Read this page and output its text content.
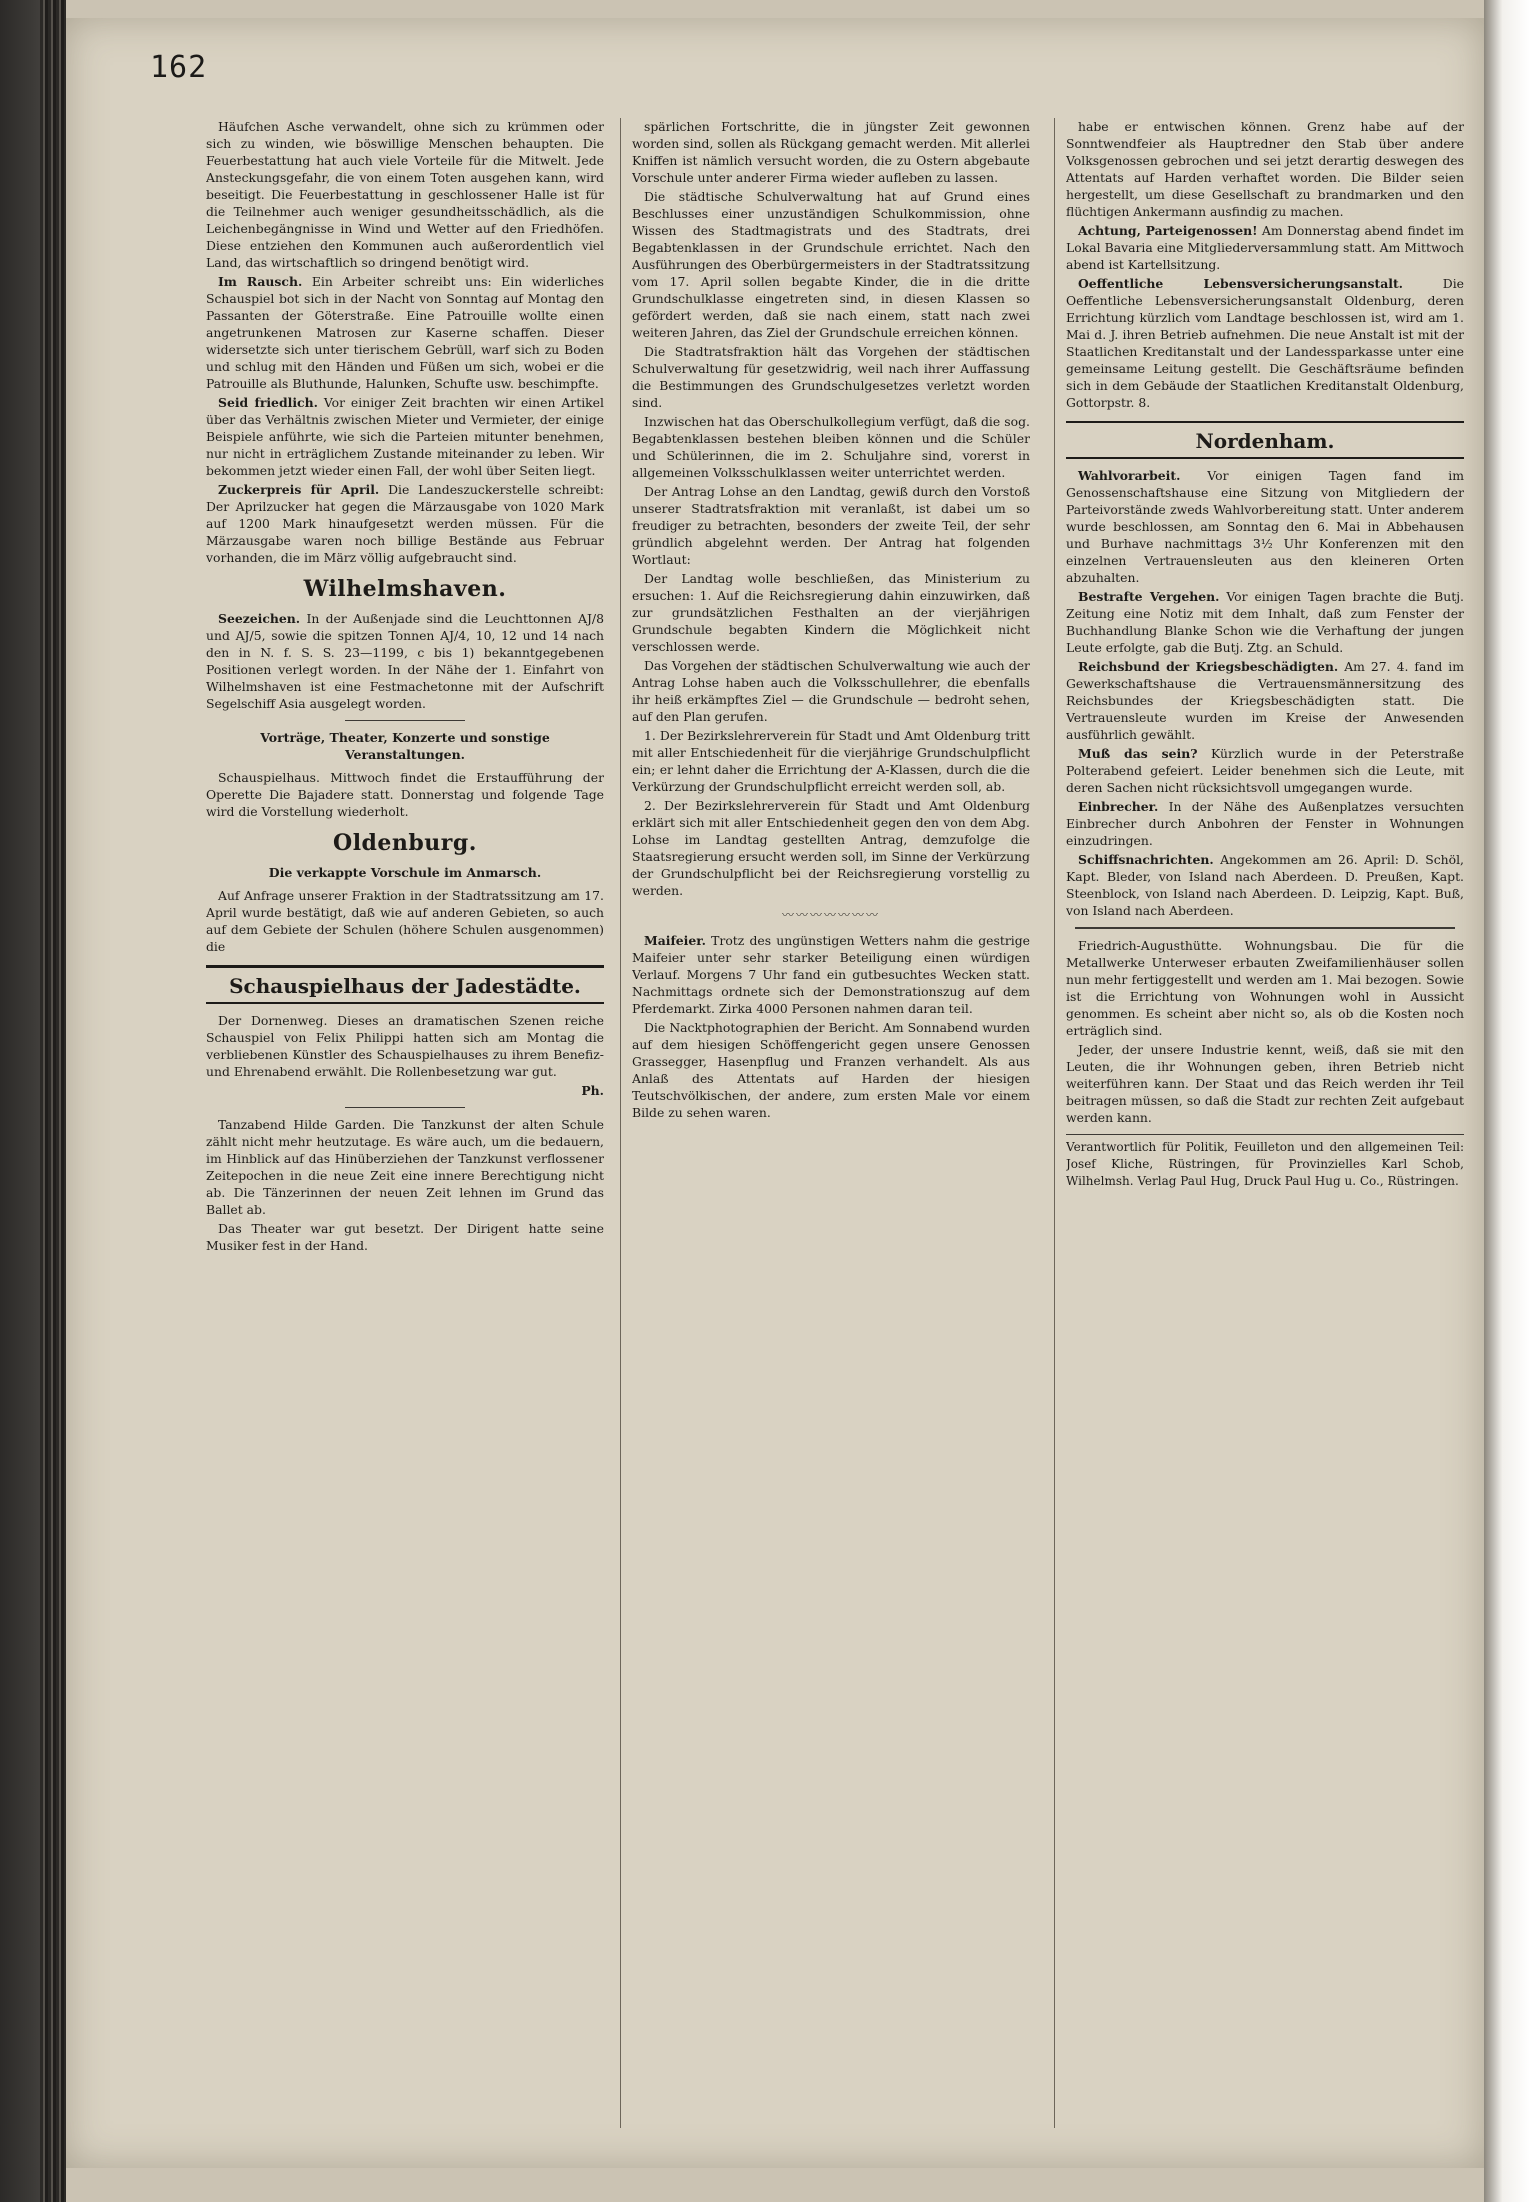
162

Häufchen Asche verwandelt, ohne sich zu krümmen oder sich zu winden, wie böswillige Menschen behaupten. Die Feuerbestattung hat auch viele Vorteile für die Mitwelt. Jede Ansteckungsgefahr, die von einem Toten ausgehen kann, wird beseitigt. Die Feuerbestattung in geschlossener Halle ist für die Teilnehmer auch weniger gesundheitsschädlich, als die Leichenbegängnisse in Wind und Wetter auf den Friedhöfen. Diese entziehen den Kommunen auch außerordentlich viel Land, das wirtschaftlich so dringend benötigt wird.

Im Rausch. Ein Arbeiter schreibt uns: Ein widerliches Schauspiel bot sich in der Nacht von Sonntag auf Montag den Passanten der Göterstraße. Eine Patrouille wollte einen angetrunkenen Matrosen zur Kaserne schaffen. Dieser widersetzte sich unter tierischem Gebrüll, warf sich zu Boden und schlug mit den Händen und Füßen um sich, wobei er die Patrouille als Bluthunde, Halunken, Schufte usw. beschimpfte.

Seid friedlich. Vor einiger Zeit brachten wir einen Artikel über das Verhältnis zwischen Mieter und Vermieter, der einige Beispiele anführte, wie sich die Parteien mitunter benehmen, nur nicht in erträglichem Zustande miteinander zu leben. Wir bekommen jetzt wieder einen Fall, der wohl über Seiten liegt.

Zuckerpreis für April. Die Landeszuckerstelle schreibt: Der Aprilzucker hat gegen die Märzausgabe von 1020 Mark auf 1200 Mark hinaufgesetzt werden müssen. Für die Märzausgabe waren noch billige Bestände aus Februar vorhanden, die im März völlig aufgebraucht sind.

Wilhelmshaven.

Seezeichen. In der Außenjade sind die Leuchttonnen AJ/8 und AJ/5, sowie die spitzen Tonnen AJ/4, 10, 12 und 14 nach den in N. f. S. S. 23—1199, c bis 1) bekanntgegebenen Positionen verlegt worden. In der Nähe der 1. Einfahrt von Wilhelmshaven ist eine Festmachetonne mit der Aufschrift Segelschiff Asia ausgelegt worden.

Vorträge, Theater, Konzerte und sonstige Veranstaltungen.

Schauspielhaus. Mittwoch findet die Erstaufführung der Operette Die Bajadere statt. Donnerstag und folgende Tage wird die Vorstellung wiederholt.

Oldenburg.
Die verkappte Vorschule im Anmarsch.

Auf Anfrage unserer Fraktion in der Stadtratssitzung am 17. April wurde bestätigt, daß wie auf anderen Gebieten, so auch auf dem Gebiete der Schulen (höhere Schulen ausgenommen) die

Schauspielhaus der Jadestädte.

Der Dornenweg. Dieses an dramatischen Szenen reiche Schauspiel von Felix Philippi hatten sich am Montag die verbliebenen Künstler des Schauspielhauses zu ihrem Benefiz- und Ehrenabend erwählt. Die Rollenbesetzung war gut.

Ph.

Tanzabend Hilde Garden. Die Tanzkunst der alten Schule zählt nicht mehr heutzutage. Es wäre auch, um die bedauern, im Hinblick auf das Hinüberziehen der Tanzkunst verflossener Zeitepochen in die neue Zeit eine innere Berechtigung nicht ab. Die Tänzerinnen der neuen Zeit lehnen im Grund das Ballet ab.

Das Theater war gut besetzt. Der Dirigent hatte seine Musiker fest in der Hand.

spärlichen Fortschritte, die in jüngster Zeit gewonnen worden sind, sollen als Rückgang gemacht werden. Mit allerlei Kniffen ist nämlich versucht worden, die zu Ostern abgebaute Vorschule unter anderer Firma wieder aufleben zu lassen.

Die städtische Schulverwaltung hat auf Grund eines Beschlusses einer unzuständigen Schulkommission, ohne Wissen des Stadtmagistrats und des Stadtrats, drei Begabtenklassen in der Grundschule errichtet. Nach den Ausführungen des Oberbürgermeisters in der Stadtratssitzung vom 17. April sollen begabte Kinder, die in die dritte Grundschulklasse eingetreten sind, in diesen Klassen so gefördert werden, daß sie nach einem, statt nach zwei weiteren Jahren, das Ziel der Grundschule erreichen können.

Die Stadtratsfraktion hält das Vorgehen der städtischen Schulverwaltung für gesetzwidrig, weil nach ihrer Auffassung die Bestimmungen des Grundschulgesetzes verletzt worden sind.

Inzwischen hat das Oberschulkollegium verfügt, daß die sog. Begabtenklassen bestehen bleiben können und die Schüler und Schülerinnen, die im 2. Schuljahre sind, vorerst in allgemeinen Volksschulklassen weiter unterrichtet werden.

Der Antrag Lohse an den Landtag, gewiß durch den Vorstoß unserer Stadtratsfraktion mit veranlaßt, ist dabei um so freudiger zu betrachten, besonders der zweite Teil, der sehr gründlich abgelehnt werden. Der Antrag hat folgenden Wortlaut:

Der Landtag wolle beschließen, das Ministerium zu ersuchen: 1. Auf die Reichsregierung dahin einzuwirken, daß zur grundsätzlichen Festhalten an der vierjährigen Grundschule begabten Kindern die Möglichkeit nicht verschlossen werde.

Das Vorgehen der städtischen Schulverwaltung wie auch der Antrag Lohse haben auch die Volksschullehrer, die ebenfalls ihr heiß erkämpftes Ziel — die Grundschule — bedroht sehen, auf den Plan gerufen.

1. Der Bezirkslehrerverein für Stadt und Amt Oldenburg tritt mit aller Entschiedenheit für die vierjährige Grundschulpflicht ein; er lehnt daher die Errichtung der A-Klassen, durch die die Verkürzung der Grundschulpflicht erreicht werden soll, ab.

2. Der Bezirkslehrerverein für Stadt und Amt Oldenburg erklärt sich mit aller Entschiedenheit gegen den von dem Abg. Lohse im Landtag gestellten Antrag, demzufolge die Staatsregierung ersucht werden soll, im Sinne der Verkürzung der Grundschulpflicht bei der Reichsregierung vorstellig zu werden.

〰〰〰〰〰〰〰

Maifeier. Trotz des ungünstigen Wetters nahm die gestrige Maifeier unter sehr starker Beteiligung einen würdigen Verlauf. Morgens 7 Uhr fand ein gutbesuchtes Wecken statt. Nachmittags ordnete sich der Demonstrationszug auf dem Pferdemarkt. Zirka 4000 Personen nahmen daran teil.

Die Nacktphotographien der Bericht. Am Sonnabend wurden auf dem hiesigen Schöffengericht gegen unsere Genossen Grassegger, Hasenpflug und Franzen verhandelt. Als aus Anlaß des Attentats auf Harden der hiesigen Teutschvölkischen, der andere, zum ersten Male vor einem Bilde zu sehen waren.

habe er entwischen können. Grenz habe auf der Sonntwendfeier als Hauptredner den Stab über andere Volksgenossen gebrochen und sei jetzt derartig deswegen des Attentats auf Harden verhaftet worden. Die Bilder seien hergestellt, um diese Gesellschaft zu brandmarken und den flüchtigen Ankermann ausfindig zu machen.

Achtung, Parteigenossen! Am Donnerstag abend findet im Lokal Bavaria eine Mitgliederversammlung statt. Am Mittwoch abend ist Kartellsitzung.

Oeffentliche Lebensversicherungsanstalt.	Die Oeffentliche Lebensversicherungsanstalt Oldenburg, deren Errichtung kürzlich vom Landtage beschlossen ist, wird am 1. Mai d. J. ihren Betrieb aufnehmen. Die neue Anstalt ist mit der Staatlichen Kreditanstalt und der Landessparkasse unter eine gemeinsame Leitung gestellt. Die Geschäftsräume befinden sich in dem Gebäude der Staatlichen Kreditanstalt Oldenburg, Gottorpstr. 8.

Nordenham.

Wahlvorarbeit. Vor einigen Tagen fand im Genossenschaftshause eine Sitzung von Mitgliedern der Parteivorstände zweds Wahlvorbereitung statt. Unter anderem wurde beschlossen, am Sonntag den 6. Mai in Abbehausen und Burhave nachmittags 3½ Uhr Konferenzen mit den einzelnen Vertrauensleuten aus den kleineren Orten abzuhalten.

Bestrafte Vergehen. Vor einigen Tagen brachte die Butj. Zeitung eine Notiz mit dem Inhalt, daß zum Fenster der Buchhandlung Blanke Schon wie die Verhaftung der jungen Leute erfolgte, gab die Butj. Ztg. an Schuld.

Reichsbund der Kriegsbeschädigten. Am 27. 4. fand im Gewerkschaftshause die Vertrauensmännersitzung des Reichsbundes der Kriegsbeschädigten statt. Die Vertrauensleute wurden im Kreise der Anwesenden ausführlich gewählt.

Muß das sein? Kürzlich wurde in der Peterstraße Polterabend gefeiert. Leider benehmen sich die Leute, mit deren Sachen nicht rücksichtsvoll umgegangen wurde.

Einbrecher. In der Nähe des Außenplatzes versuchten Einbrecher durch Anbohren der Fenster in Wohnungen einzudringen.

Schiffsnachrichten. Angekommen am 26. April: D. Schöl, Kapt. Bleder, von Island nach Aberdeen. D. Preußen, Kapt. Steenblock, von Island nach Aberdeen. D. Leipzig, Kapt. Buß, von Island nach Aberdeen.

Friedrich-Augusthütte. Wohnungsbau. Die für die Metallwerke Unterweser erbauten Zweifamilienhäuser sollen nun mehr fertiggestellt und werden am 1. Mai bezogen. Sowie ist die Errichtung von Wohnungen wohl in Aussicht genommen. Es scheint aber nicht so, als ob die Kosten noch erträglich sind.

Jeder, der unsere Industrie kennt, weiß, daß sie mit den Leuten, die ihr Wohnungen geben, ihren Betrieb nicht weiterführen kann. Der Staat und das Reich werden ihr Teil beitragen müssen, so daß die Stadt zur rechten Zeit aufgebaut werden kann.

Verantwortlich für Politik, Feuilleton und den allgemeinen Teil: Josef Kliche, Rüstringen, für Provinzielles Karl Schob, Wilhelmsh. Verlag Paul Hug, Druck Paul Hug u. Co., Rüstringen.
